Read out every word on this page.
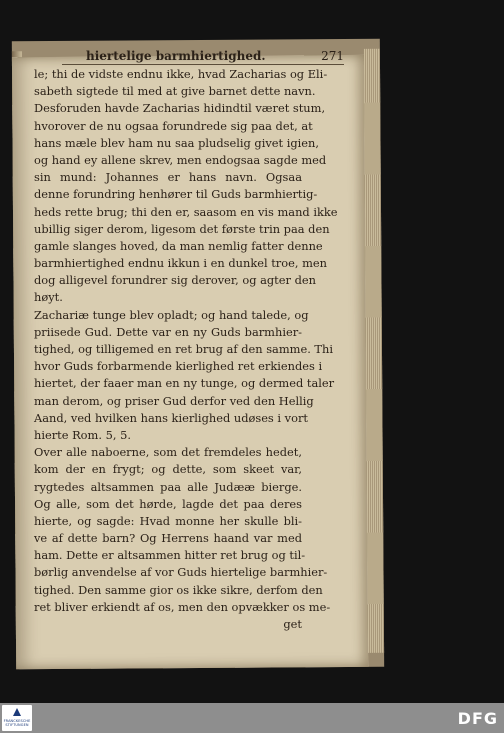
hiertelige barmhiertighed.	271
le; thi de vidste endnu ikke, hvad Zacharias og Eli-
sabeth sigtede til med at give barnet dette navn.
Desforuden havde Zacharias hidindtil været stum,
hvorover de nu ogsaa forundrede sig paa det, at
hans mæle blev ham nu saa pludselig givet igien,
og hand ey allene skrev, men endogsaa sagde med
sin mund: Johannes er hans navn. Ogsaa
denne forundring henhører til Guds barmhiertig-
heds rette brug; thi den er, saasom en vis mand ikke
ubillig siger derom, ligesom det første trin paa den
gamle slanges hoved, da man nemlig fatter denne
barmhiertighed endnu ikkun i en dunkel troe, men
dog alligevel forundrer sig derover, og agter den
høyt.
Zachariæ tunge blev opladt; og hand talede, og
priisede Gud. Dette var en ny Guds barmhier-
tighed, og tilligemed en ret brug af den samme. Thi
hvor Guds forbarmende kierlighed ret erkiendes i
hiertet, der faaer man en ny tunge, og dermed taler
man derom, og priser Gud derfor ved den Hellig
Aand, ved hvilken hans kierlighed udøses i vort
hierte Rom. 5, 5.
Over alle naboerne, som det fremdeles hedet,
kom der en frygt; og dette, som skeet var,
rygtedes altsammen paa alle Judææ bierge.
Og alle, som det hørde, lagde det paa deres
hierte, og sagde: Hvad monne her skulle bli-
ve af dette barn? Og Herrens haand var med
ham. Dette er altsammen hitter ret brug og til-
børlig anvendelse af vor Guds hiertelige barmhier-
tighed. Den samme gior os ikke sikre, derfom den
ret bliver erkiendt af os, men den opvækker os me-
get
FRANCKESCHE STIFTUNGEN	DFG
